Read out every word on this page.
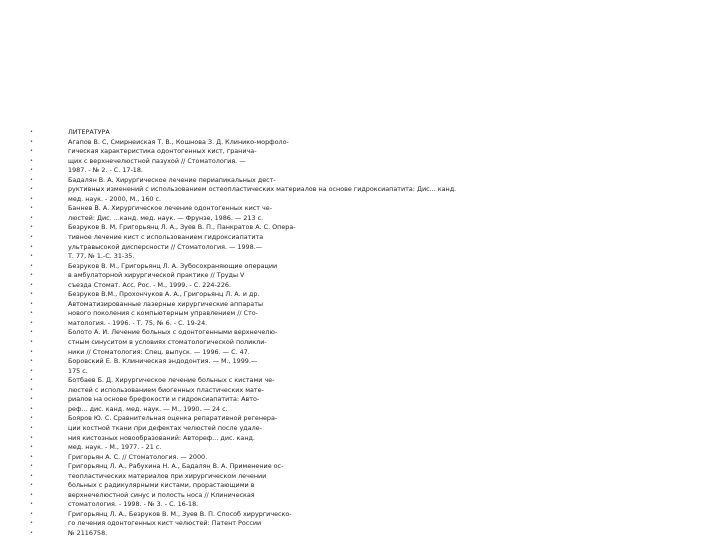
• ЛИТЕРАТУРА
• Агапов В. С, Смирнеиская Т. В., Кошнова З. Д. Клинико-морфоло-
• гическая характеристика одонтогенных кист, граничa-
• щих с верхнечелюстной пазухой // Стоматология. —
• 1987. - № 2. - С. 17-18.
• Бадалян В. А. Хирургическое лечение периапикальных дест-
• руктивных изменений с использованием остеопластических материалов на основе гидроксиапатита: Дис... канд.
• мед. наук. - 2000, М., 160 с.
• Баннев В. А. Хирургическое лечение одонтогенных кист че-
• люстей: Дис. ...канд. мед. наук. — Фрунзе, 1986. — 213 с.
• Безруков В. М, Григорьянц Л. А., Зуев В. П., Панкратов А. С. Оперa-
• тивное лечение кист с использованием гидроксиапатита
• ультравысокой дисперсности // Стоматология. — 1998.—
• Т. 77, № 1.-С. 31-35.
• Безруков В. М., Григорьянц Л. А. Зубосохраняющие операции
• в амбулаторной хирургической практике // Труды V
• съезда Стомат. Асс. Рос. - М., 1999. - С. 224-226.
• Безруков В.М., Прохончуков А. А., Григорьянц Л. А. и др.
• Автоматизированные лазерные хирургические аппараты
• нового поколения с компьютерным управлением // Сто-
• матология. - 1996. - Т. 75, № 6. - С. 19-24.
• Болото А. И. Лечение больных с одонтогенными верхнечелю-
• стным синуситом в условиях стоматологической поликли-
• ники // Стоматология: Спец. выпуск. — 1996. — С. 47.
• Боровский Е. В. Клиническая эндодонтия. — М., 1999.—
• 175 с.
• Ботбаев Б. Д. Хирургическое лечение больных с кистами че-
• люстей с использованием биогенных пластических мате-
• риалов на основе брефокости и гидроксиапатита: Авто-
• реф... дис. канд. мед. наук. — М., 1990. — 24 с.
• Бояров Ю. С. Сравнительная оценка репаративной регенера-
• ции костной ткани при дефектах челюстей после удале-
• ния кистозных новообразований: Автореф... дис. канд.
• мед. наук. - М., 1977. - 21 с.
• Григорьян А. С. // Стоматология. — 2000.
• Григорьянц Л. А., Рабухина Н. А., Бадалян В. А. Применение ос-
• теопластических материалов при хирургическом лечении
• больных с радикулярными кистами, прорастающими в
• верхнечелюстной синус и полость носа // Клиническая
• стоматология. - 1998. - № 3. - С. 16-18.
• Григорьянц Л. А., Безруков В. М., Зуев В. П. Способ хирургическо-
• го лечения одонтогенных кист челюстей: Патент России
• № 2116758.
